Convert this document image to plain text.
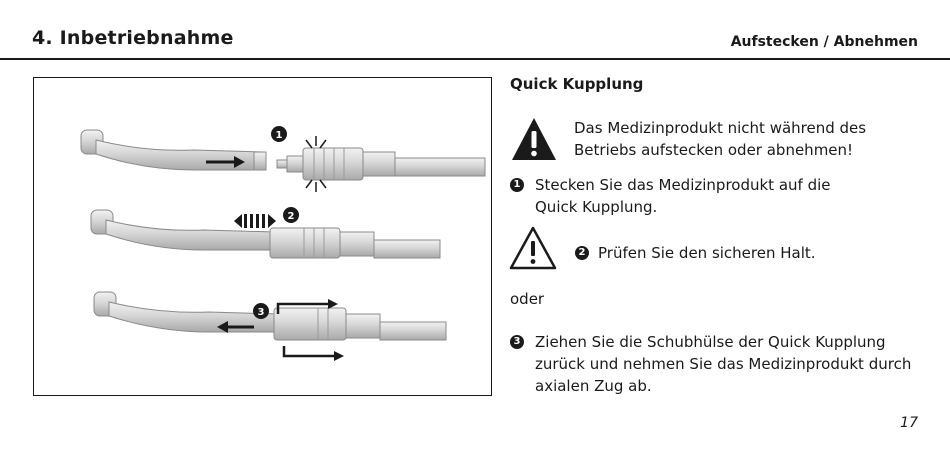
4. Inbetriebnahme	Aufstecken / Abnehmen
1
2
3
Quick Kupplung
Das Medizinprodukt nicht während des
Betriebs aufstecken oder abnehmen!
1 Stecken Sie das Medizinprodukt auf die
Quick Kupplung.
2 Prüfen Sie den sicheren Halt.
oder
3 Ziehen Sie die Schubhülse der Quick Kupplung
zurück und nehmen Sie das Medizinprodukt durch
axialen Zug ab.
17
